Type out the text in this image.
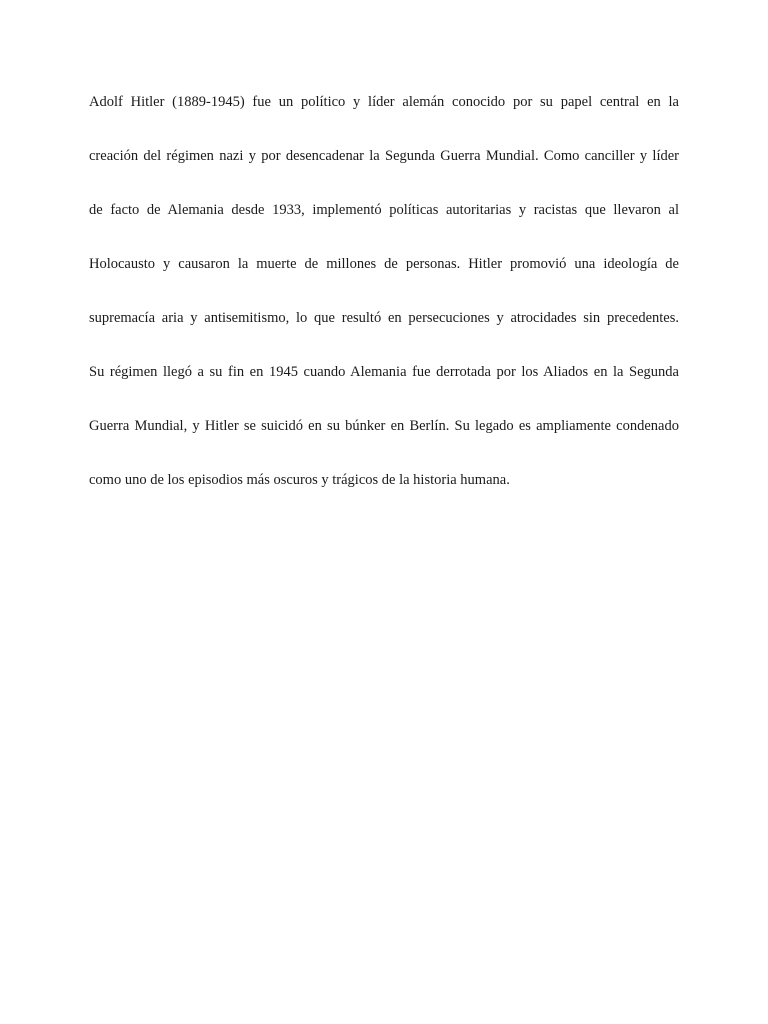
Adolf Hitler (1889-1945) fue un político y líder alemán conocido por su papel central en la
creación del régimen nazi y por desencadenar la Segunda Guerra Mundial. Como canciller y líder
de facto de Alemania desde 1933, implementó políticas autoritarias y racistas que llevaron al
Holocausto y causaron la muerte de millones de personas. Hitler promovió una ideología de
supremacía aria y antisemitismo, lo que resultó en persecuciones y atrocidades sin precedentes.
Su régimen llegó a su fin en 1945 cuando Alemania fue derrotada por los Aliados en la Segunda
Guerra Mundial, y Hitler se suicidó en su búnker en Berlín. Su legado es ampliamente condenado
como uno de los episodios más oscuros y trágicos de la historia humana.
